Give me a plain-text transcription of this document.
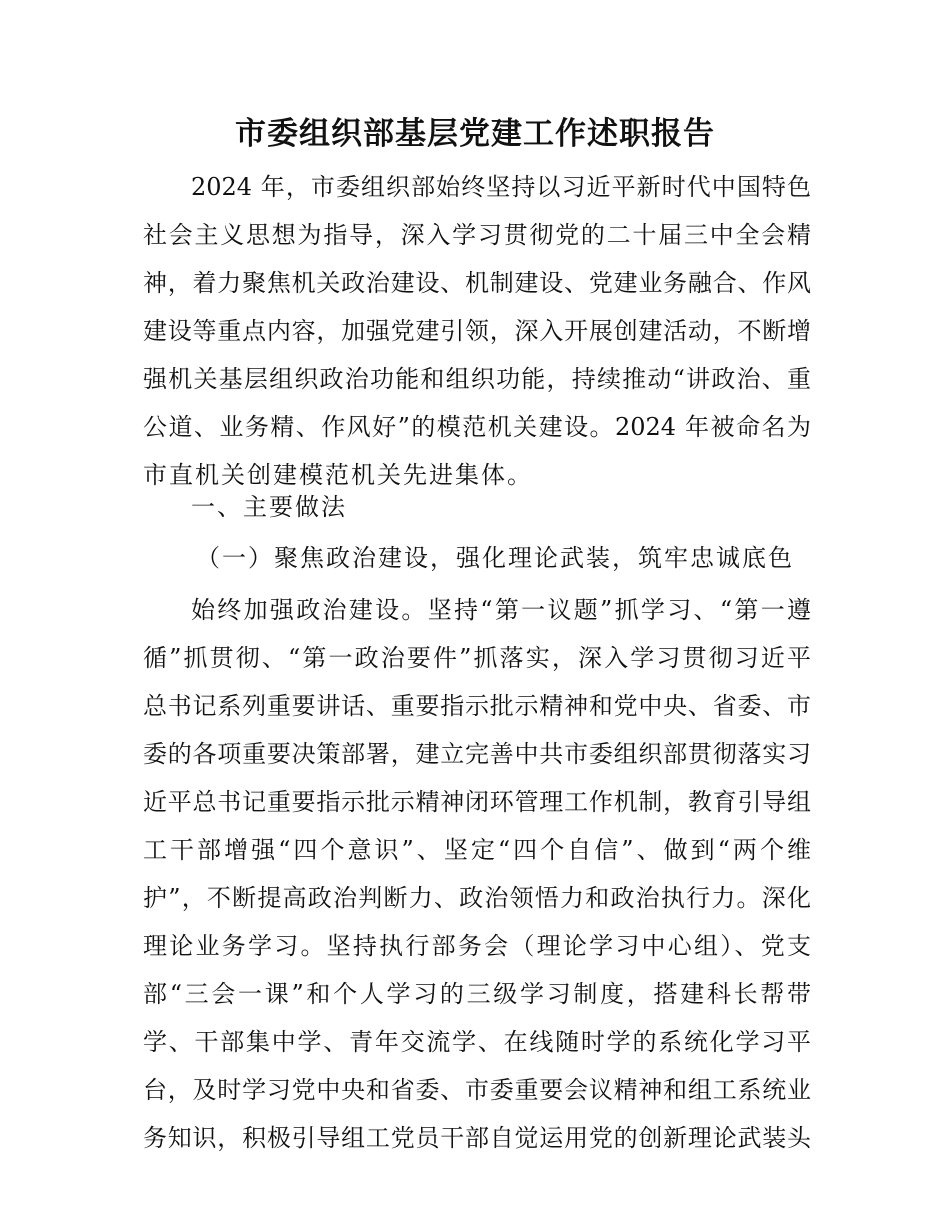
市委组织部基层党建工作述职报告
2024 年，市委组织部始终坚持以习近平新时代中国特色
社会主义思想为指导，深入学习贯彻党的二十届三中全会精
神，着力聚焦机关政治建设、机制建设、党建业务融合、作风
建设等重点内容，加强党建引领，深入开展创建活动，不断增
强机关基层组织政治功能和组织功能，持续推动“讲政治、重
公道、业务精、作风好”的模范机关建设。2024 年被命名为
市直机关创建模范机关先进集体。
一、主要做法
（一）聚焦政治建设，强化理论武装，筑牢忠诚底色
始终加强政治建设。坚持“第一议题”抓学习、“第一遵
循”抓贯彻、“第一政治要件”抓落实，深入学习贯彻习近平
总书记系列重要讲话、重要指示批示精神和党中央、省委、市
委的各项重要决策部署，建立完善中共市委组织部贯彻落实习
近平总书记重要指示批示精神闭环管理工作机制，教育引导组
工干部增强“四个意识”、坚定“四个自信”、做到“两个维
护”，不断提高政治判断力、政治领悟力和政治执行力。深化
理论业务学习。坚持执行部务会（理论学习中心组）、党支
部“三会一课”和个人学习的三级学习制度，搭建科长帮带
学、干部集中学、青年交流学、在线随时学的系统化学习平
台，及时学习党中央和省委、市委重要会议精神和组工系统业
务知识，积极引导组工党员干部自觉运用党的创新理论武装头
